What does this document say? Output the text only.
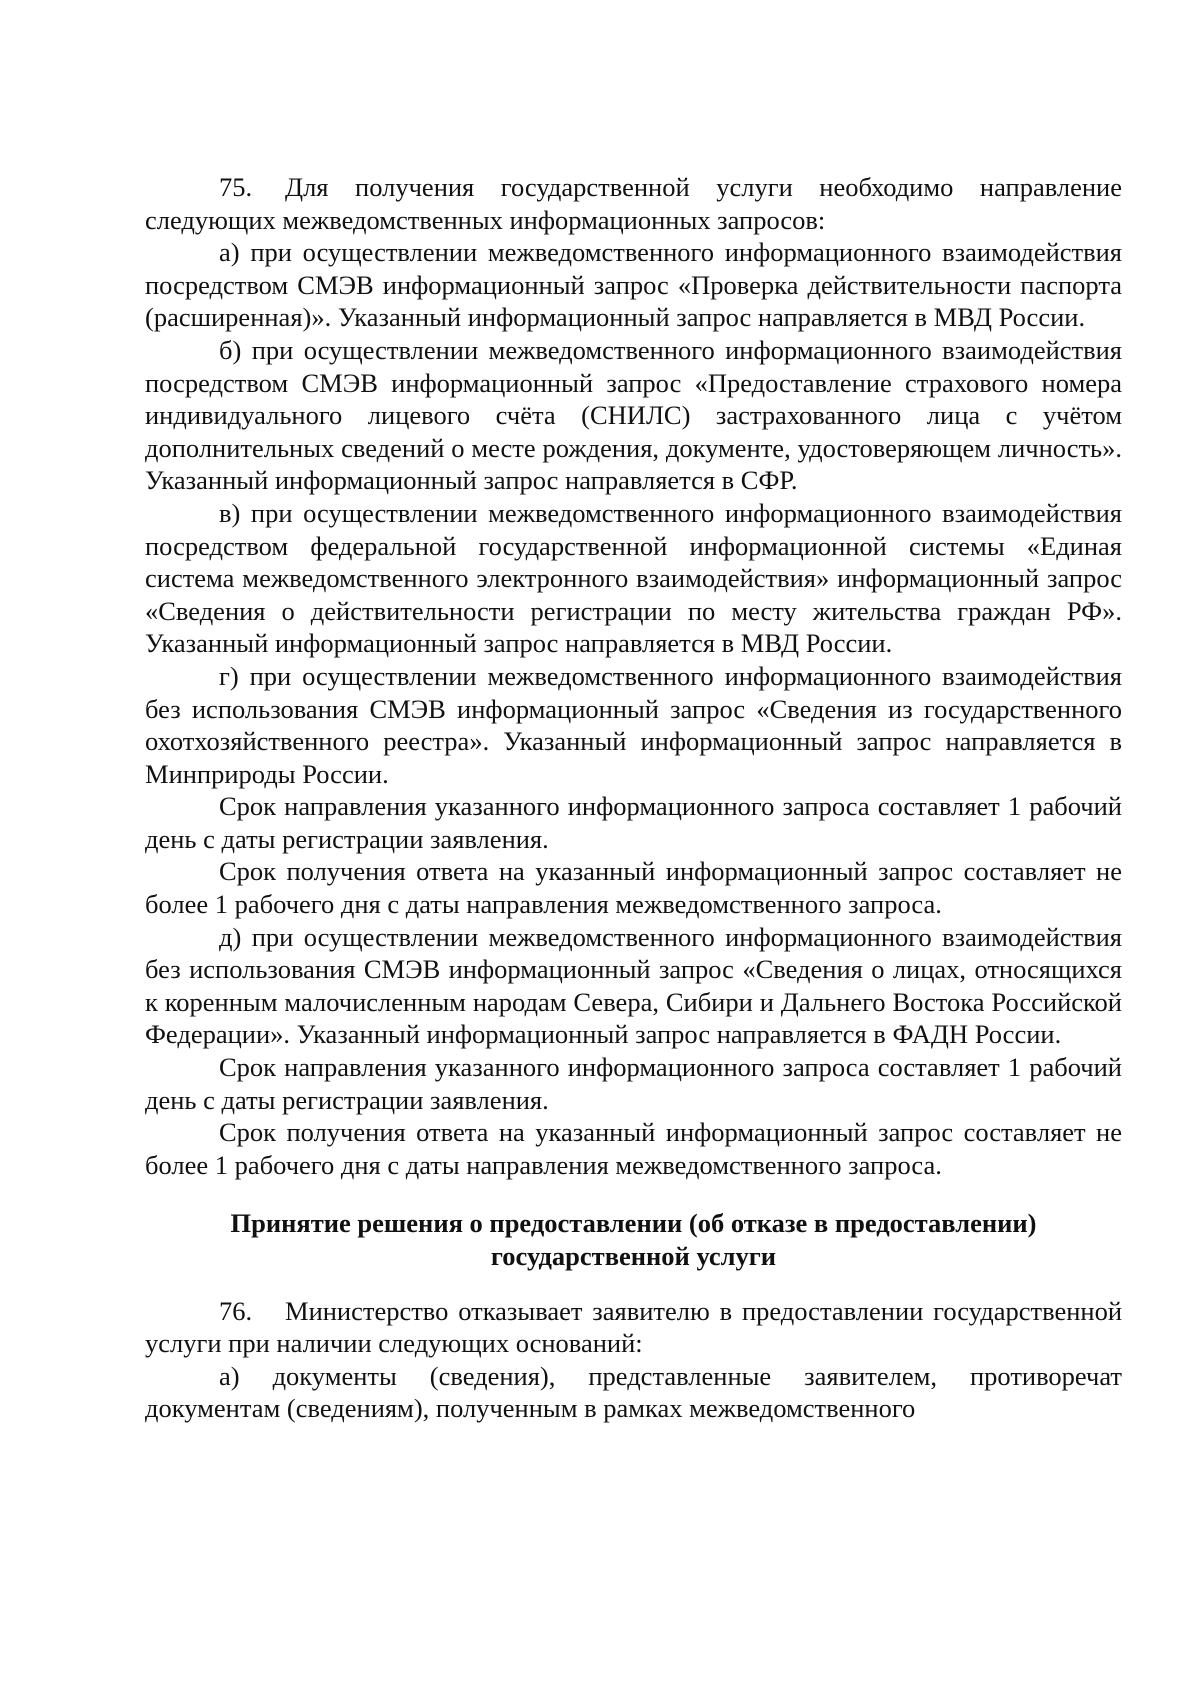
75. Для получения государственной услуги необходимо направление следующих межведомственных информационных запросов:

а) при осуществлении межведомственного информационного взаимодействия посредством СМЭВ информационный запрос «Проверка действительности паспорта (расширенная)». Указанный информационный запрос направляется в МВД России.

б) при осуществлении межведомственного информационного взаимодействия посредством СМЭВ информационный запрос «Предоставление страхового номера индивидуального лицевого счёта (СНИЛС) застрахованного лица с учётом дополнительных сведений о месте рождения, документе, удостоверяющем личность». Указанный информационный запрос направляется в СФР.

в) при осуществлении межведомственного информационного взаимодействия посредством федеральной государственной информационной системы «Единая система межведомственного электронного взаимодействия» информационный запрос «Сведения о действительности регистрации по месту жительства граждан РФ». Указанный информационный запрос направляется в МВД России.

г) при осуществлении межведомственного информационного взаимодействия без использования СМЭВ информационный запрос «Сведения из государственного охотхозяйственного реестра». Указанный информационный запрос направляется в Минприроды России.

Срок направления указанного информационного запроса составляет 1 рабочий день с даты регистрации заявления.

Срок получения ответа на указанный информационный запрос составляет не более 1 рабочего дня с даты направления межведомственного запроса.

д) при осуществлении межведомственного информационного взаимодействия без использования СМЭВ информационный запрос «Сведения о лицах, относящихся к коренным малочисленным народам Севера, Сибири и Дальнего Востока Российской Федерации». Указанный информационный запрос направляется в ФАДН России.

Срок направления указанного информационного запроса составляет 1 рабочий день с даты регистрации заявления.

Срок получения ответа на указанный информационный запрос составляет не более 1 рабочего дня с даты направления межведомственного запроса.

Принятие решения о предоставлении (об отказе в предоставлении)
государственной услуги

76. Министерство отказывает заявителю в предоставлении государственной услуги при наличии следующих оснований:

а) документы (сведения), представленные заявителем, противоречат документам (сведениям), полученным в рамках межведомственного
